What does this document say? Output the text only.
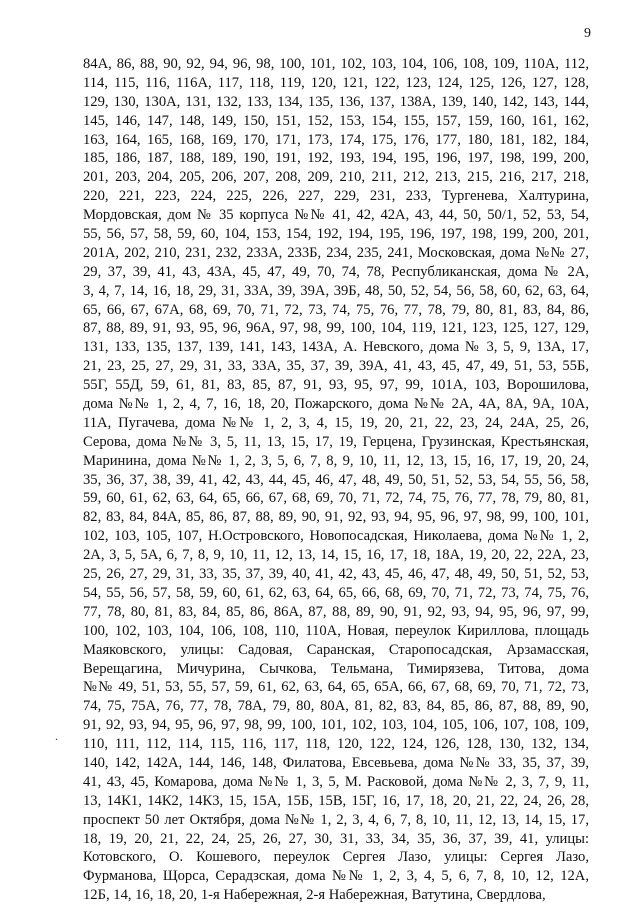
9
.
84А, 86, 88, 90, 92, 94, 96, 98, 100, 101, 102, 103, 104, 106, 108, 109, 110А, 112,
114, 115, 116, 116А, 117, 118, 119, 120, 121, 122, 123, 124, 125, 126, 127, 128,
129, 130, 130А, 131, 132, 133, 134, 135, 136, 137, 138А, 139, 140, 142, 143, 144,
145, 146, 147, 148, 149, 150, 151, 152, 153, 154, 155, 157, 159, 160, 161, 162,
163, 164, 165, 168, 169, 170, 171, 173, 174, 175, 176, 177, 180, 181, 182, 184,
185, 186, 187, 188, 189, 190, 191, 192, 193, 194, 195, 196, 197, 198, 199, 200,
201, 203, 204, 205, 206, 207, 208, 209, 210, 211, 212, 213, 215, 216, 217, 218,
220, 221, 223, 224, 225, 226, 227, 229, 231, 233, Тургенева, Халтурина,
Мордовская, дом № 35 корпуса №№ 41, 42, 42А, 43, 44, 50, 50/1, 52, 53, 54,
55, 56, 57, 58, 59, 60, 104, 153, 154, 192, 194, 195, 196, 197, 198, 199, 200, 201,
201А, 202, 210, 231, 232, 233А, 233Б, 234, 235, 241, Московская, дома №№ 27,
29, 37, 39, 41, 43, 43А, 45, 47, 49, 70, 74, 78, Республиканская, дома № 2А,
3, 4, 7, 14, 16, 18, 29, 31, 33А, 39, 39А, 39Б, 48, 50, 52, 54, 56, 58, 60, 62, 63, 64,
65, 66, 67, 67А, 68, 69, 70, 71, 72, 73, 74, 75, 76, 77, 78, 79, 80, 81, 83, 84, 86,
87, 88, 89, 91, 93, 95, 96, 96А, 97, 98, 99, 100, 104, 119, 121, 123, 125, 127, 129,
131, 133, 135, 137, 139, 141, 143, 143А, А. Невского, дома № 3, 5, 9, 13А, 17,
21, 23, 25, 27, 29, 31, 33, 33А, 35, 37, 39, 39А, 41, 43, 45, 47, 49, 51, 53, 55Б,
55Г, 55Д, 59, 61, 81, 83, 85, 87, 91, 93, 95, 97, 99, 101А, 103, Ворошилова,
дома №№ 1, 2, 4, 7, 16, 18, 20, Пожарского, дома №№ 2А, 4А, 8А, 9А, 10А,
11А, Пугачева, дома №№ 1, 2, 3, 4, 15, 19, 20, 21, 22, 23, 24, 24А, 25, 26,
Серова, дома №№ 3, 5, 11, 13, 15, 17, 19, Герцена, Грузинская, Крестьянская,
Маринина, дома №№ 1, 2, 3, 5, 6, 7, 8, 9, 10, 11, 12, 13, 15, 16, 17, 19, 20, 24,
35, 36, 37, 38, 39, 41, 42, 43, 44, 45, 46, 47, 48, 49, 50, 51, 52, 53, 54, 55, 56, 58,
59, 60, 61, 62, 63, 64, 65, 66, 67, 68, 69, 70, 71, 72, 74, 75, 76, 77, 78, 79, 80, 81,
82, 83, 84, 84А, 85, 86, 87, 88, 89, 90, 91, 92, 93, 94, 95, 96, 97, 98, 99, 100, 101,
102, 103, 105, 107, Н.Островского, Новопосадская, Николаева, дома №№ 1, 2,
2А, 3, 5, 5А, 6, 7, 8, 9, 10, 11, 12, 13, 14, 15, 16, 17, 18, 18А, 19, 20, 22, 22А, 23,
25, 26, 27, 29, 31, 33, 35, 37, 39, 40, 41, 42, 43, 45, 46, 47, 48, 49, 50, 51, 52, 53,
54, 55, 56, 57, 58, 59, 60, 61, 62, 63, 64, 65, 66, 68, 69, 70, 71, 72, 73, 74, 75, 76,
77, 78, 80, 81, 83, 84, 85, 86, 86А, 87, 88, 89, 90, 91, 92, 93, 94, 95, 96, 97, 99,
100, 102, 103, 104, 106, 108, 110, 110А, Новая, переулок Кириллова, площадь
Маяковского, улицы: Садовая, Саранская, Старопосадская, Арзамасская,
Верещагина, Мичурина, Сычкова, Тельмана, Тимирязева, Титова, дома
№№ 49, 51, 53, 55, 57, 59, 61, 62, 63, 64, 65, 65А, 66, 67, 68, 69, 70, 71, 72, 73,
74, 75, 75А, 76, 77, 78, 78А, 79, 80, 80А, 81, 82, 83, 84, 85, 86, 87, 88, 89, 90,
91, 92, 93, 94, 95, 96, 97, 98, 99, 100, 101, 102, 103, 104, 105, 106, 107, 108, 109,
110, 111, 112, 114, 115, 116, 117, 118, 120, 122, 124, 126, 128, 130, 132, 134,
140, 142, 142А, 144, 146, 148, Филатова, Евсевьева, дома №№ 33, 35, 37, 39,
41, 43, 45, Комарова, дома №№ 1, 3, 5, М. Расковой, дома №№ 2, 3, 7, 9, 11,
13, 14К1, 14К2, 14К3, 15, 15А, 15Б, 15В, 15Г, 16, 17, 18, 20, 21, 22, 24, 26, 28,
проспект 50 лет Октября, дома №№ 1, 2, 3, 4, 6, 7, 8, 10, 11, 12, 13, 14, 15, 17,
18, 19, 20, 21, 22, 24, 25, 26, 27, 30, 31, 33, 34, 35, 36, 37, 39, 41, улицы:
Котовского, О. Кошевого, переулок Сергея Лазо, улицы: Сергея Лазо,
Фурманова, Щорса, Серадзская, дома №№ 1, 2, 3, 4, 5, 6, 7, 8, 10, 12, 12А,
12Б, 14, 16, 18, 20, 1-я Набережная, 2-я Набережная, Ватутина, Свердлова,
